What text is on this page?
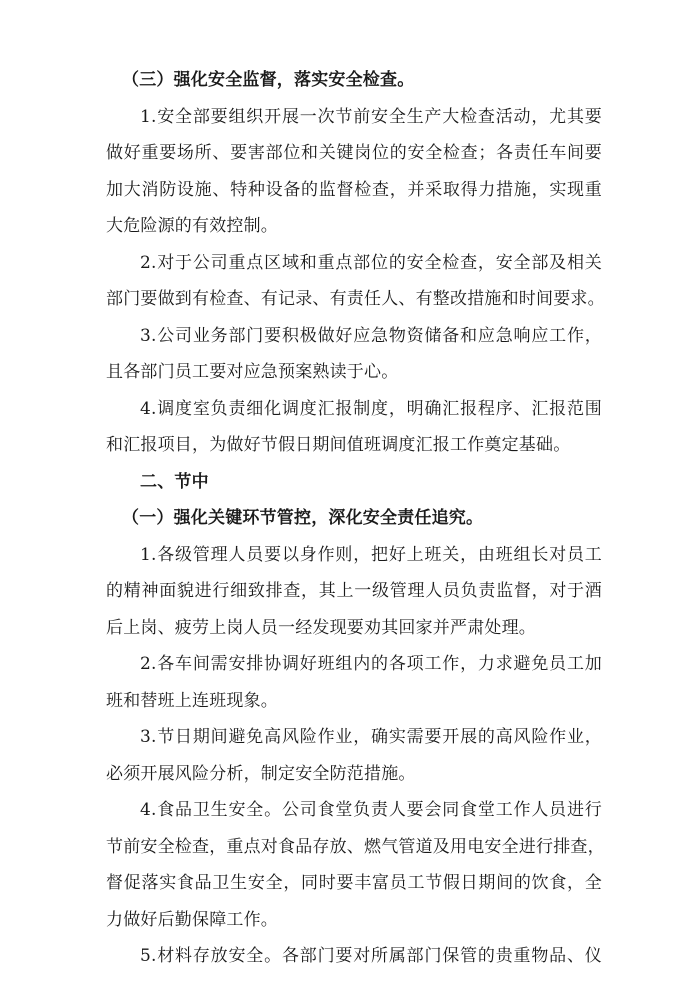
（三）强化安全监督，落实安全检查。
1.安全部要组织开展一次节前安全生产大检查活动，尤其要
做好重要场所、要害部位和关键岗位的安全检查；各责任车间要
加大消防设施、特种设备的监督检查，并采取得力措施，实现重
大危险源的有效控制。
2.对于公司重点区域和重点部位的安全检查，安全部及相关
部门要做到有检查、有记录、有责任人、有整改措施和时间要求。
3.公司业务部门要积极做好应急物资储备和应急响应工作，
且各部门员工要对应急预案熟读于心。
4.调度室负责细化调度汇报制度，明确汇报程序、汇报范围
和汇报项目，为做好节假日期间值班调度汇报工作奠定基础。
二、节中
（一）强化关键环节管控，深化安全责任追究。
1.各级管理人员要以身作则，把好上班关，由班组长对员工
的精神面貌进行细致排查，其上一级管理人员负责监督，对于酒
后上岗、疲劳上岗人员一经发现要劝其回家并严肃处理。
2.各车间需安排协调好班组内的各项工作，力求避免员工加
班和替班上连班现象。
3.节日期间避免高风险作业，确实需要开展的高风险作业，
必须开展风险分析，制定安全防范措施。
4.食品卫生安全。公司食堂负责人要会同食堂工作人员进行
节前安全检查，重点对食品存放、燃气管道及用电安全进行排查，
督促落实食品卫生安全，同时要丰富员工节假日期间的饮食，全
力做好后勤保障工作。
5.材料存放安全。各部门要对所属部门保管的贵重物品、仪
